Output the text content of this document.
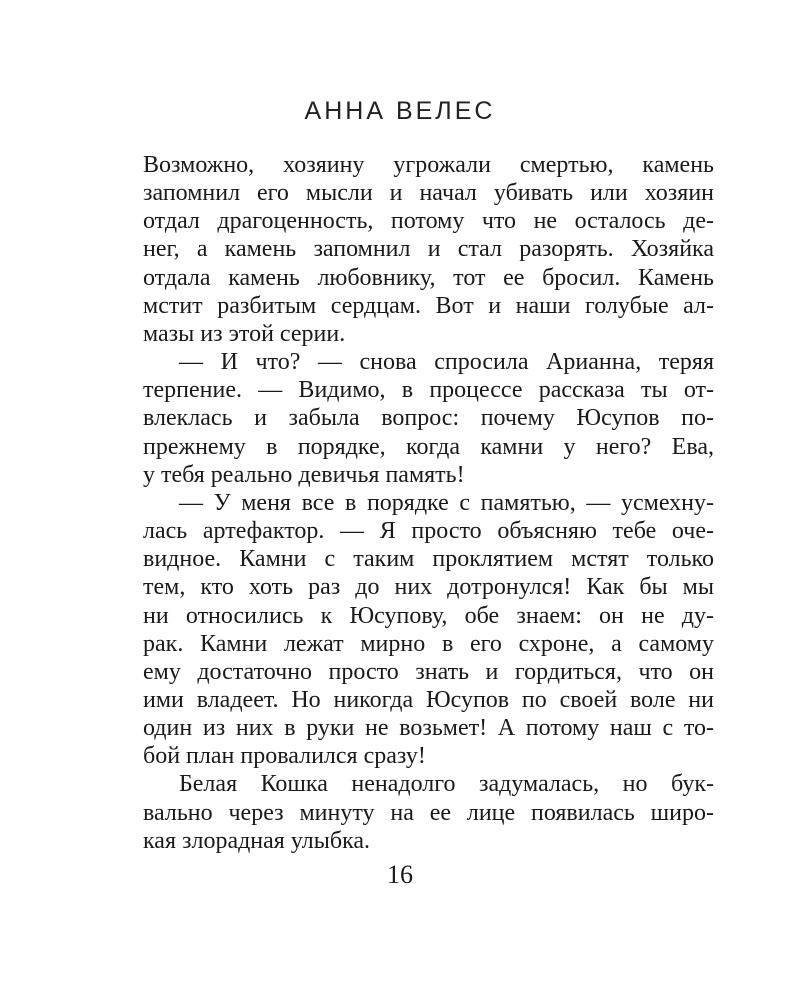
АННА ВЕЛЕС
Возможно, хозяину угрожали смертью, камень
запомнил его мысли и начал убивать или хозяин
отдал драгоценность, потому что не осталось де-
нег, а камень запомнил и стал разорять. Хозяйка
отдала камень любовнику, тот ее бросил. Камень
мстит разбитым сердцам. Вот и наши голубые ал-
мазы из этой серии.
— И что? — снова спросила Арианна, теряя
терпение. — Видимо, в процессе рассказа ты от-
влеклась и забыла вопрос: почему Юсупов по-
прежнему в порядке, когда камни у него? Ева,
у тебя реально девичья память!
— У меня все в порядке с памятью, — усмехну-
лась артефактор. — Я просто объясняю тебе оче-
видное. Камни с таким проклятием мстят только
тем, кто хоть раз до них дотронулся! Как бы мы
ни относились к Юсупову, обе знаем: он не ду-
рак. Камни лежат мирно в его схроне, а самому
ему достаточно просто знать и гордиться, что он
ими владеет. Но никогда Юсупов по своей воле ни
один из них в руки не возьмет! А потому наш с то-
бой план провалился сразу!
Белая Кошка ненадолго задумалась, но бук-
вально через минуту на ее лице появилась широ-
кая злорадная улыбка.
16
